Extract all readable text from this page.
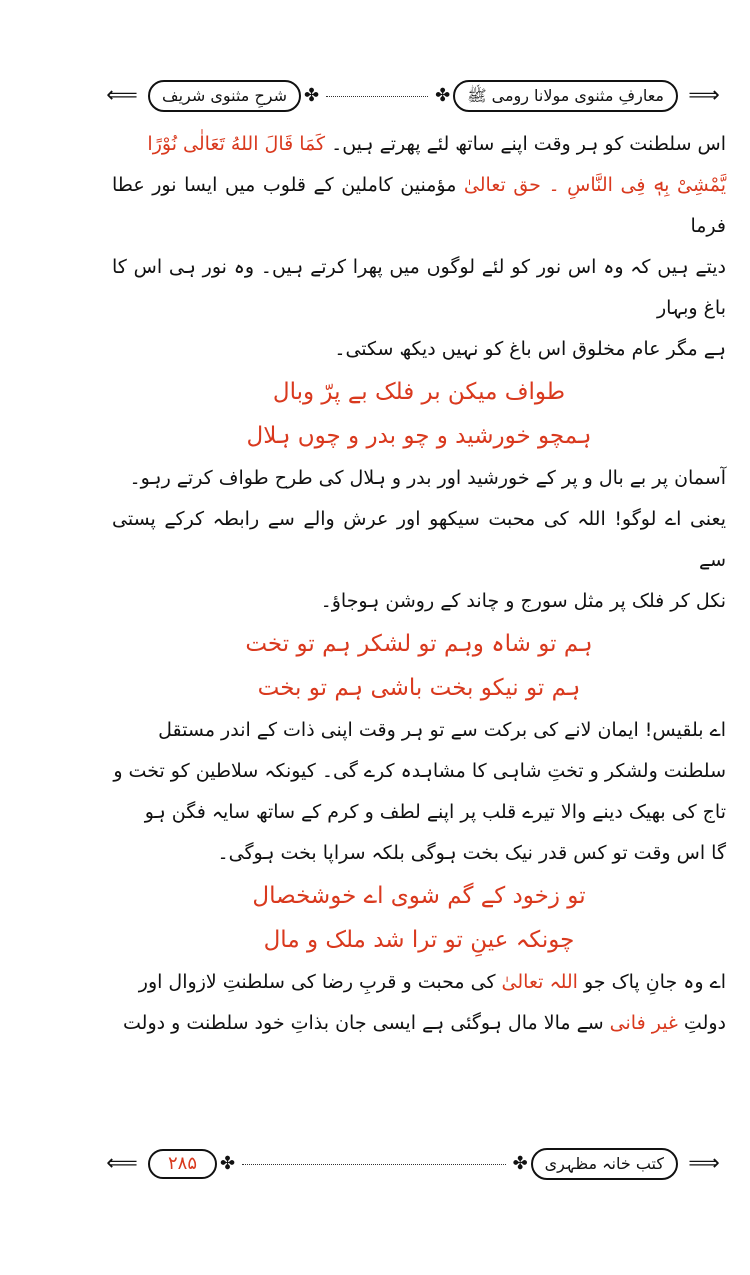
⟸	شرحِ مثنوی شریف ✤	✤	معارفِ مثنوی مولانا رومی ﷺ	⟹

اس سلطنت کو ہر وقت اپنے ساتھ لئے پھرتے ہیں۔ کَمَا قَالَ اللهُ تَعَالٰی نُوْرًا

یَّمْشِیْ بِهٖ فِی النَّاسِ ۔ حق تعالیٰ مؤمنین کاملین کے قلوب میں ایسا نور عطا فرما

دیتے ہیں کہ وہ اس نور کو لئے لوگوں میں پھرا کرتے ہیں۔ وہ نور ہی اس کا باغ وبہار

ہے مگر عام مخلوق اس باغ کو نہیں دیکھ سکتی۔

طواف میکن بر فلک بے پرّ وبال

ہمچو خورشید و چو بدر و چوں ہلال

آسمان پر بے بال و پر کے خورشید اور بدر و ہلال کی طرح طواف کرتے رہو۔

یعنی اے لوگو! اللہ کی محبت سیکھو اور عرش والے سے رابطہ کرکے پستی سے

نکل کر فلک پر مثل سورج و چاند کے روشن ہوجاؤ۔

ہم تو شاہ وہم تو لشکر ہم تو تخت

ہم تو نیکو بخت باشی ہم تو بخت

اے بلقیس! ایمان لانے کی برکت سے تو ہر وقت اپنی ذات کے اندر مستقل

سلطنت ولشکر و تختِ شاہی کا مشاہدہ کرے گی۔ کیونکہ سلاطین کو تخت و

تاج کی بھیک دینے والا تیرے قلب پر اپنے لطف و کرم کے ساتھ سایہ فگن ہو

گا اس وقت تو کس قدر نیک بخت ہوگی بلکہ سراپا بخت ہوگی۔

تو زخود کے گم شوی اے خوشخصال

چونکہ عینِ تو ترا شد ملک و مال

اے وہ جانِ پاک جو اللہ تعالیٰ کی محبت و قربِ رضا کی سلطنتِ لازوال اور

دولتِ غیر فانی سے مالا مال ہوگئی ہے ایسی جان بذاتِ خود سلطنت و دولت

⟸	۲۸۵	✤	✤	کتب خانہ مظہری	⟹
